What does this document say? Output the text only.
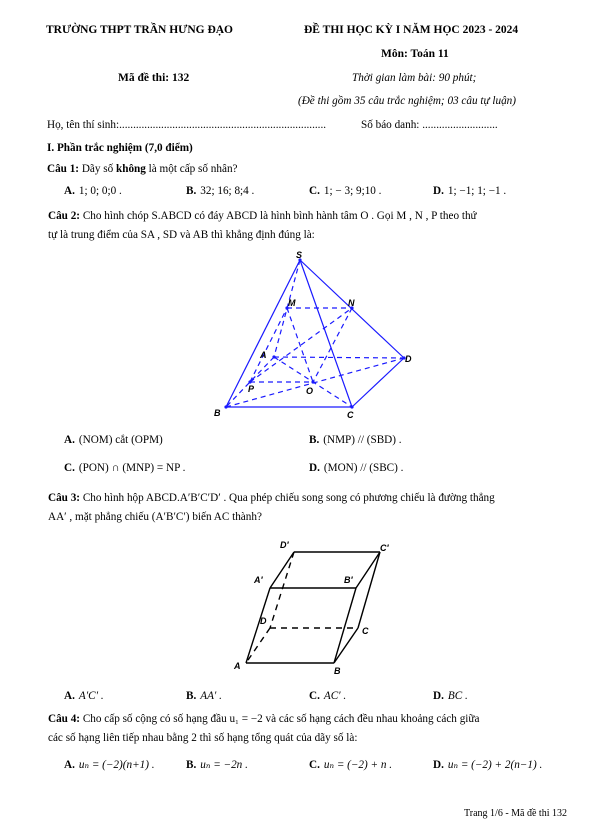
TRƯỜNG THPT TRẦN HƯNG ĐẠO	ĐỀ THI HỌC KỲ I NĂM HỌC 2023 - 2024
Môn: Toán 11
Mã đề thi: 132	Thời gian làm bài: 90 phút;
(Đề thi gồm 35 câu trắc nghiệm; 03 câu tự luận)
Họ, tên thí sinh:..........................................................................	Số báo danh: ...........................
I. Phần trắc nghiệm (7,0 điểm)
Câu 1: Dãy số không là một cấp số nhân?
A. 1; 0; 0;0 .	B. 32; 16; 8;4 .	C. 1; − 3; 9;10 .	D. 1; −1; 1; −1 .
Câu 2: Cho hình chóp S.ABCD có đáy ABCD là hình bình hành tâm O . Gọi M , N , P theo thứ
tự là trung điểm của SA , SD và AB thì khẳng định đúng là:
S
M	N
A	D
P	O
B	C
A. (NOM) cắt (OPM)	B. (NMP) // (SBD) .
C. (PON) ∩ (MNP) = NP .	D. (MON) // (SBC) .
Câu 3: Cho hình hộp ABCD.A′B′C′D′ . Qua phép chiếu song song có phương chiếu là đường thẳng
AA′ , mặt phẳng chiếu (A′B′C′) biến AC thành?
D′	C′
A′	B′
D
C
A	B
A. A′C′ .	B. AA′ .	C. AC′ .	D. BC .
Câu 4: Cho cấp số cộng có số hạng đầu u₁ = −2 và các số hạng cách đều nhau khoảng cách giữa
các số hạng liên tiếp nhau bằng 2 thì số hạng tổng quát của dãy số là:
A. uₙ = (−2)(n+1) .	B. uₙ = −2n .	C. uₙ = (−2) + n .	D. uₙ = (−2) + 2(n−1) .
Trang 1/6 - Mã đề thi 132
